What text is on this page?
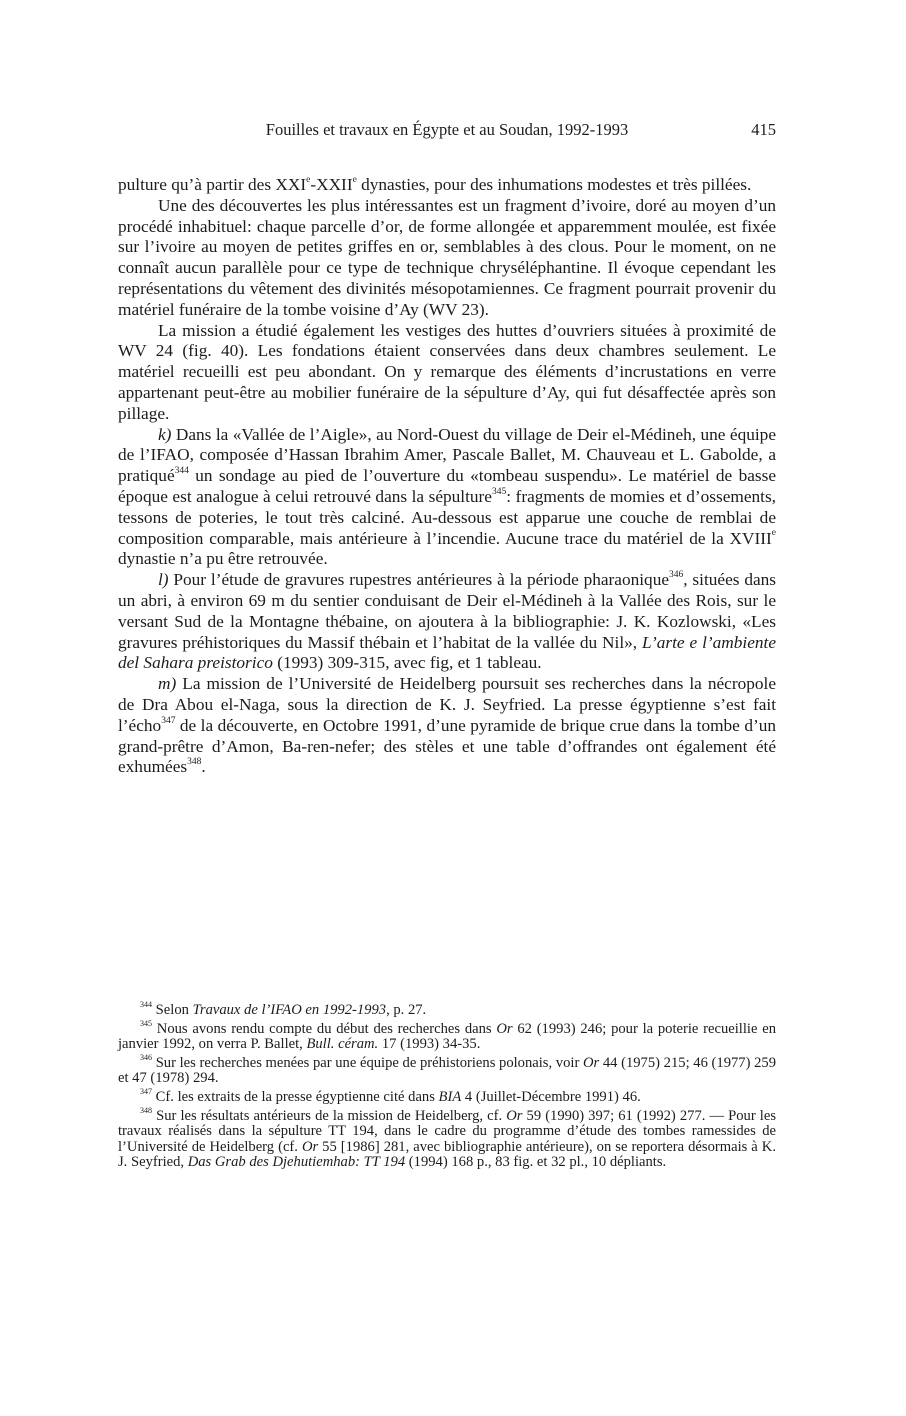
Fouilles et travaux en Égypte et au Soudan, 1992-1993	415

pulture qu’à partir des XXIe-XXIIe dynasties, pour des inhumations modestes et très pillées.

Une des découvertes les plus intéressantes est un fragment d’ivoire, doré au moyen d’un procédé inhabituel: chaque parcelle d’or, de forme allongée et apparemment moulée, est fixée sur l’ivoire au moyen de petites griffes en or, semblables à des clous. Pour le moment, on ne connaît aucun parallèle pour ce type de technique chryséléphantine. Il évoque cependant les représentations du vêtement des divinités mésopotamiennes. Ce fragment pourrait provenir du matériel funéraire de la tombe voisine d’Ay (WV 23).

La mission a étudié également les vestiges des huttes d’ouvriers situées à proximité de WV 24 (fig. 40). Les fondations étaient conservées dans deux chambres seulement. Le matériel recueilli est peu abondant. On y remarque des éléments d’incrustations en verre appartenant peut-être au mobilier funéraire de la sépulture d’Ay, qui fut désaffectée après son pillage.

k) Dans la «Vallée de l’Aigle», au Nord-Ouest du village de Deir el-Médineh, une équipe de l’IFAO, composée d’Hassan Ibrahim Amer, Pascale Ballet, M. Chauveau et L. Gabolde, a pratiqué$^{344}$ un sondage au pied de l’ouverture du «tombeau suspendu». Le matériel de basse époque est analogue à celui retrouvé dans la sépulture$^{345}$: fragments de momies et d’ossements, tessons de poteries, le tout très calciné. Au-dessous est apparue une couche de remblai de composition comparable, mais antérieure à l’incendie. Aucune trace du matériel de la XVIIIe dynastie n’a pu être retrouvée.

l) Pour l’étude de gravures rupestres antérieures à la période pharaonique$^{346}$, situées dans un abri, à environ 69 m du sentier conduisant de Deir el-Médineh à la Vallée des Rois, sur le versant Sud de la Montagne thébaine, on ajoutera à la bibliographie: J. K. Kozlowski, «Les gravures préhistoriques du Massif thébain et l’habitat de la vallée du Nil», L’arte e l’ambiente del Sahara preistorico (1993) 309-315, avec fig, et 1 tableau.

m) La mission de l’Université de Heidelberg poursuit ses recherches dans la nécropole de Dra Abou el-Naga, sous la direction de K. J. Seyfried. La presse égyptienne s’est fait l’écho$^{347}$ de la découverte, en Octobre 1991, d’une pyramide de brique crue dans la tombe d’un grand-prêtre d’Amon, Ba-ren-nefer; des stèles et une table d’offrandes ont également été exhumées$^{348}$.

$^{344}$ Selon Travaux de l’IFAO en 1992-1993, p. 27.

$^{345}$ Nous avons rendu compte du début des recherches dans Or 62 (1993) 246; pour la poterie recueillie en janvier 1992, on verra P. Ballet, Bull. céram. 17 (1993) 34-35.

$^{346}$ Sur les recherches menées par une équipe de préhistoriens polonais, voir Or 44 (1975) 215; 46 (1977) 259 et 47 (1978) 294.

$^{347}$ Cf. les extraits de la presse égyptienne cité dans BIA 4 (Juillet-Décembre 1991) 46.

$^{348}$ Sur les résultats antérieurs de la mission de Heidelberg, cf. Or 59 (1990) 397; 61 (1992) 277. — Pour les travaux réalisés dans la sépulture TT 194, dans le cadre du programme d’étude des tombes ramessides de l’Université de Heidelberg (cf. Or 55 [1986] 281, avec bibliographie antérieure), on se reportera désormais à K. J. Seyfried, Das Grab des Djehutiemhab: TT 194 (1994) 168 p., 83 fig. et 32 pl., 10 dépliants.
